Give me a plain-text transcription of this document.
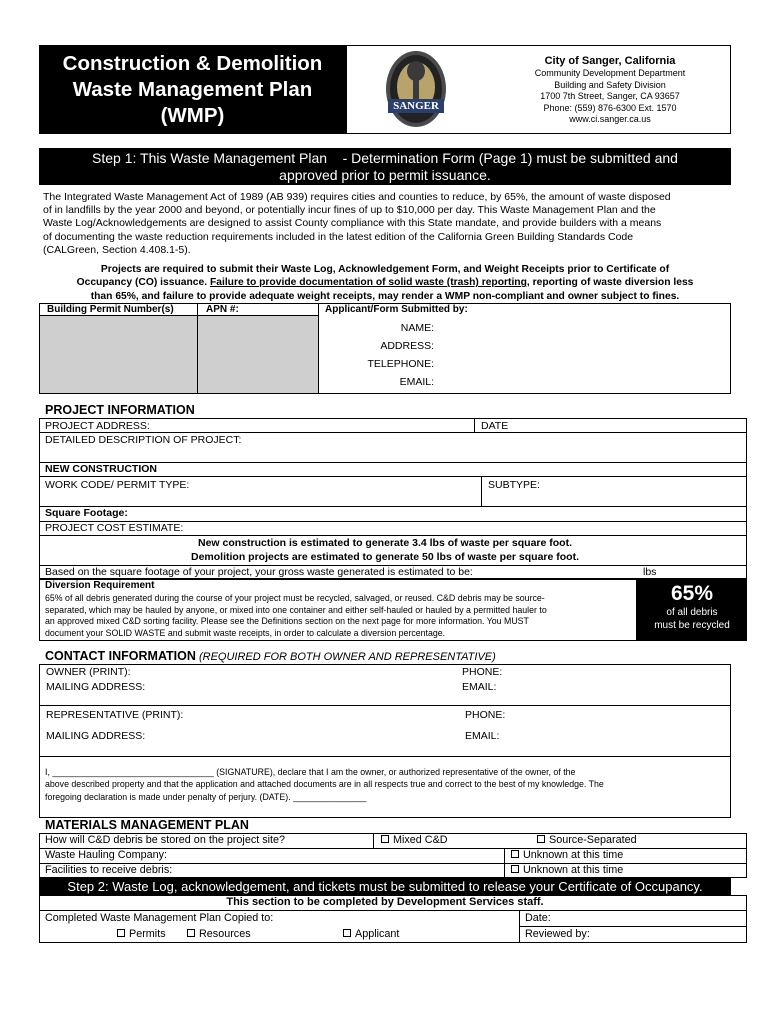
Construction & Demolition
Waste Management Plan
(WMP)	SANGER
City of Sanger, California
Community Development Department
Building and Safety Division
1700 7th Street, Sanger, CA 93657
Phone: (559) 876-6300 Ext. 1570
www.ci.sanger.ca.us
Step 1: This Waste Management Plan    - Determination Form (Page 1) must be submitted and
approved prior to permit issuance.
The Integrated Waste Management Act of 1989 (AB 939) requires cities and counties to reduce, by 65%, the amount of waste disposed
of in landfills by the year 2000 and beyond, or potentially incur fines of up to $10,000 per day. This Waste Management Plan and the
Waste Log/Acknowledgements are designed to assist County compliance with this State mandate, and provide builders with a means
of documenting the waste reduction requirements included in the latest edition of the California Green Building Standards Code
(CALGreen, Section 4.408.1-5).
Projects are required to submit their Waste Log, Acknowledgement Form, and Weight Receipts prior to Certificate of
Occupancy (CO) issuance. Failure to provide documentation of solid waste (trash) reporting, reporting of waste diversion less
than 65%, and failure to provide adequate weight receipts, may render a WMP non-compliant and owner subject to fines.
Building Permit Number(s)	APN #:	Applicant/Form Submitted by:
NAME:
ADDRESS:
TELEPHONE:
EMAIL:
PROJECT INFORMATION
PROJECT ADDRESS:	DATE
DETAILED DESCRIPTION OF PROJECT:
NEW CONSTRUCTION
WORK CODE/ PERMIT TYPE:	SUBTYPE:
Square Footage:
PROJECT COST ESTIMATE:
New construction is estimated to generate 3.4 lbs of waste per square foot.
Demolition projects are estimated to generate 50 lbs of waste per square foot.
Based on the square footage of your project, your gross waste generated is estimated to be:	lbs
Diversion Requirement
65% of all debris generated during the course of your project must be recycled, salvaged, or reused. C&D debris may be source-
separated, which may be hauled by anyone, or mixed into one container and either self-hauled or hauled by a permitted hauler to
an approved mixed C&D sorting facility. Please see the Definitions section on the next page for more information. You MUST
document your SOLID WASTE and submit waste receipts, in order to calculate a diversion percentage.
65%
of all debris
must be recycled
CONTACT INFORMATION (REQUIRED FOR BOTH OWNER AND REPRESENTATIVE)
OWNER (PRINT):	PHONE:
MAILING ADDRESS:	EMAIL:
REPRESENTATIVE (PRINT):	PHONE:
MAILING ADDRESS:	EMAIL:
I, _________________________________ (SIGNATURE), declare that I am the owner, or authorized representative of the owner, of the
above described property and that the application and attached documents are in all respects true and correct to the best of my knowledge. The
foregoing declaration is made under penalty of perjury. (DATE). _______________
MATERIALS MANAGEMENT PLAN
How will C&D debris be stored on the project site?	Mixed C&D	Source-Separated
Waste Hauling Company:	Unknown at this time
Facilities to receive debris:	Unknown at this time
Step 2: Waste Log, acknowledgement, and tickets must be submitted to release your Certificate of Occupancy.
This section to be completed by Development Services staff.
Completed Waste Management Plan Copied to:	Date:
Permits	Resources	Applicant	Reviewed by:
